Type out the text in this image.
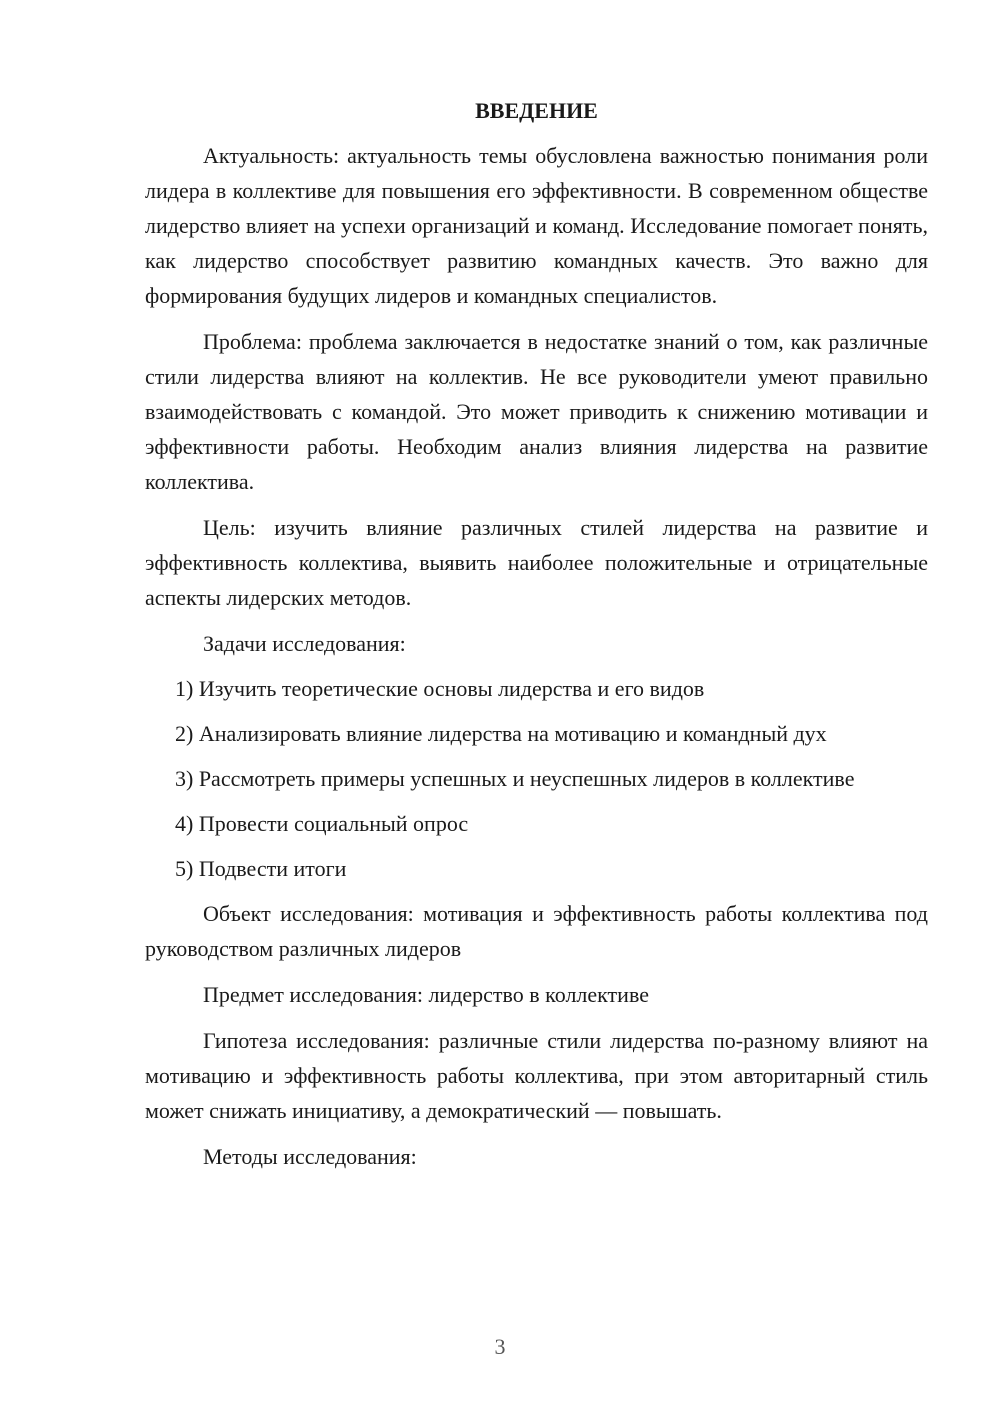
ВВЕДЕНИЕ

Актуальность: актуальность темы обусловлена важностью понимания роли лидера в коллективе для повышения его эффективности. В современном обществе лидерство влияет на успехи организаций и команд. Исследование помогает понять, как лидерство способствует развитию командных качеств. Это важно для формирования будущих лидеров и командных специалистов.

Проблема: проблема заключается в недостатке знаний о том, как различные стили лидерства влияют на коллектив. Не все руководители умеют правильно взаимодействовать с командой. Это может приводить к снижению мотивации и эффективности работы. Необходим анализ влияния лидерства на развитие коллектива.

Цель: изучить влияние различных стилей лидерства на развитие и эффективность коллектива, выявить наиболее положительные и отрицательные аспекты лидерских методов.

Задачи исследования:

1) Изучить теоретические основы лидерства и его видов

2) Анализировать влияние лидерства на мотивацию и командный дух

3) Рассмотреть примеры успешных и неуспешных лидеров в коллективе

4) Провести социальный опрос

5) Подвести итоги

Объект исследования: мотивация и эффективность работы коллектива под руководством различных лидеров

Предмет исследования: лидерство в коллективе

Гипотеза исследования: различные стили лидерства по-разному влияют на мотивацию и эффективность работы коллектива, при этом авторитарный стиль может снижать инициативу, а демократический — повышать.

Методы исследования:

3
